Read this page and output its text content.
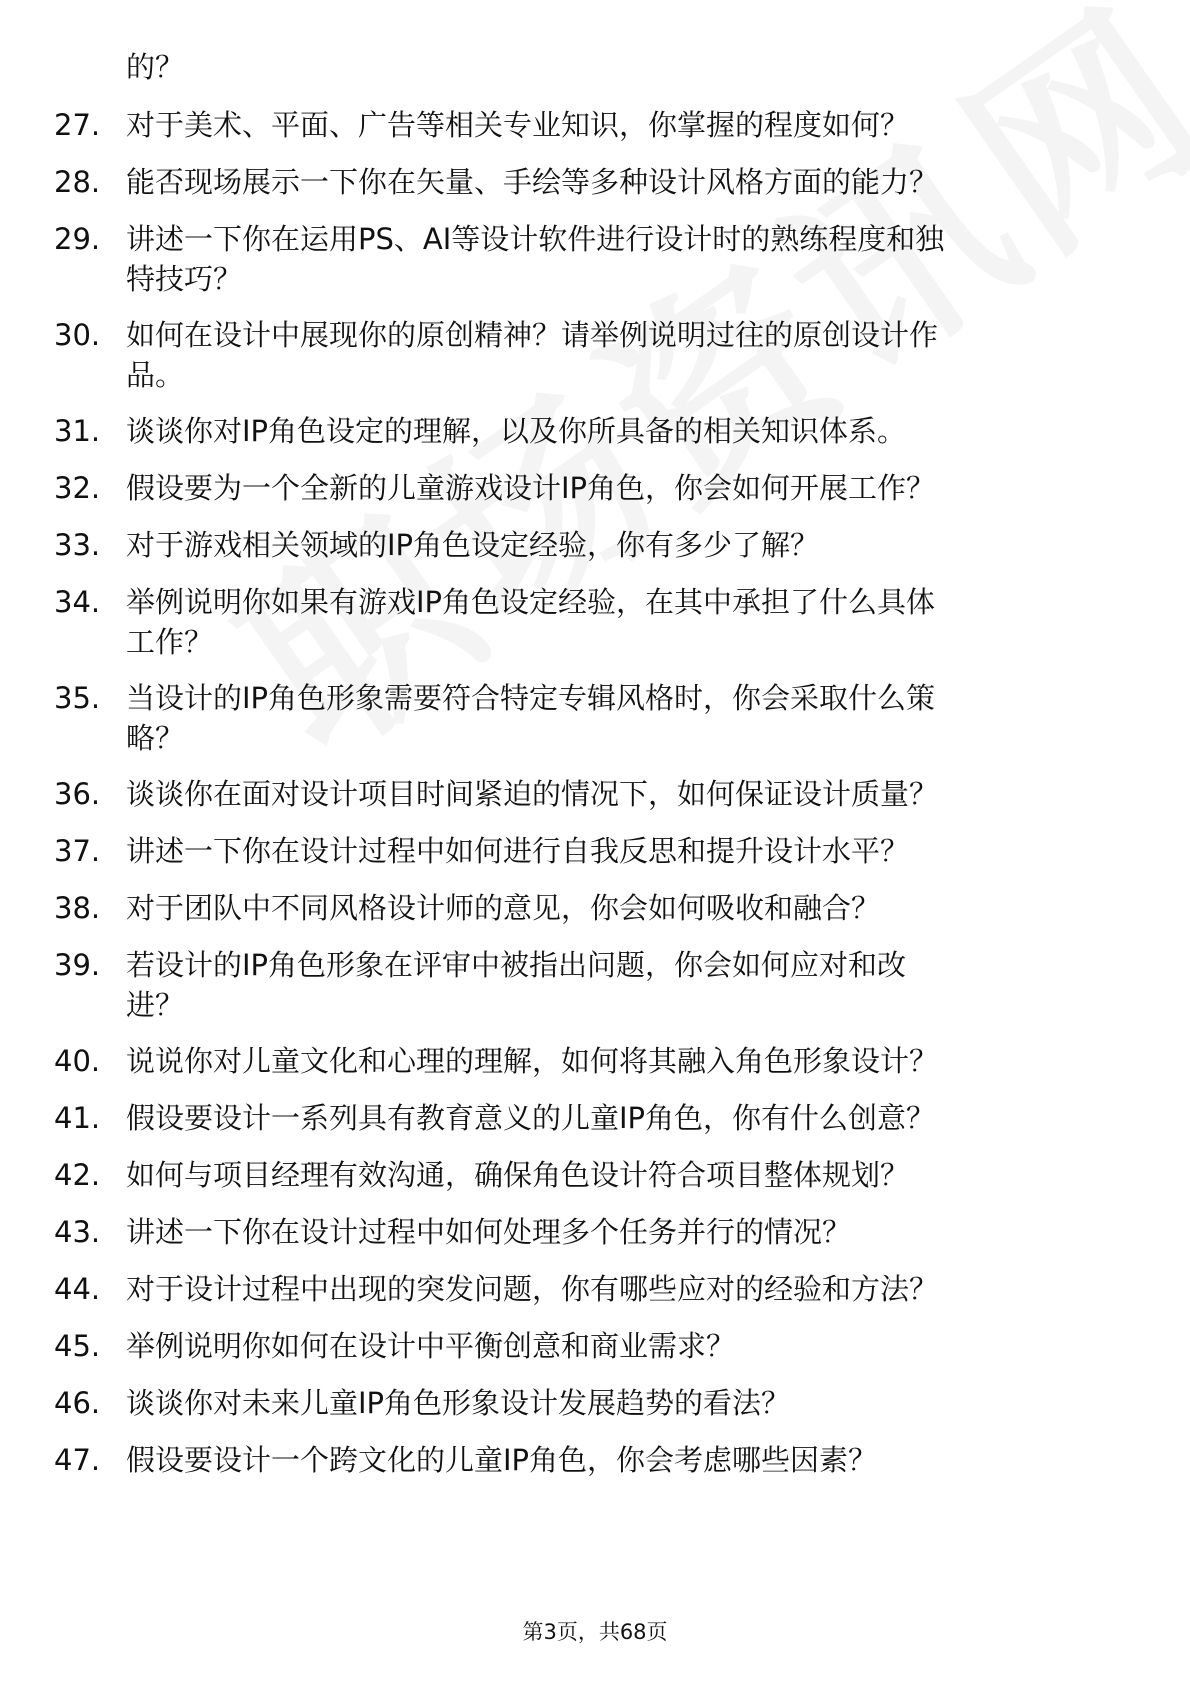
的？
27. 对于美术、平面、广告等相关专业知识，你掌握的程度如何？
28. 能否现场展示一下你在矢量、手绘等多种设计风格方面的能力？
29. 讲述一下你在运用PS、AI等设计软件进行设计时的熟练程度和独
特技巧？
30. 如何在设计中展现你的原创精神？请举例说明过往的原创设计作
品。
31. 谈谈你对IP角色设定的理解，以及你所具备的相关知识体系。
32. 假设要为一个全新的儿童游戏设计IP角色，你会如何开展工作？
33. 对于游戏相关领域的IP角色设定经验，你有多少了解？
34. 举例说明你如果有游戏IP角色设定经验，在其中承担了什么具体
工作？
35. 当设计的IP角色形象需要符合特定专辑风格时，你会采取什么策
略？
36. 谈谈你在面对设计项目时间紧迫的情况下，如何保证设计质量？
37. 讲述一下你在设计过程中如何进行自我反思和提升设计水平？
38. 对于团队中不同风格设计师的意见，你会如何吸收和融合？
39. 若设计的IP角色形象在评审中被指出问题，你会如何应对和改
进？
40. 说说你对儿童文化和心理的理解，如何将其融入角色形象设计？
41. 假设要设计一系列具有教育意义的儿童IP角色，你有什么创意？
42. 如何与项目经理有效沟通，确保角色设计符合项目整体规划？
43. 讲述一下你在设计过程中如何处理多个任务并行的情况？
44. 对于设计过程中出现的突发问题，你有哪些应对的经验和方法？
45. 举例说明你如何在设计中平衡创意和商业需求？
46. 谈谈你对未来儿童IP角色形象设计发展趋势的看法？
47. 假设要设计一个跨文化的儿童IP角色，你会考虑哪些因素？
第3页，共68页
